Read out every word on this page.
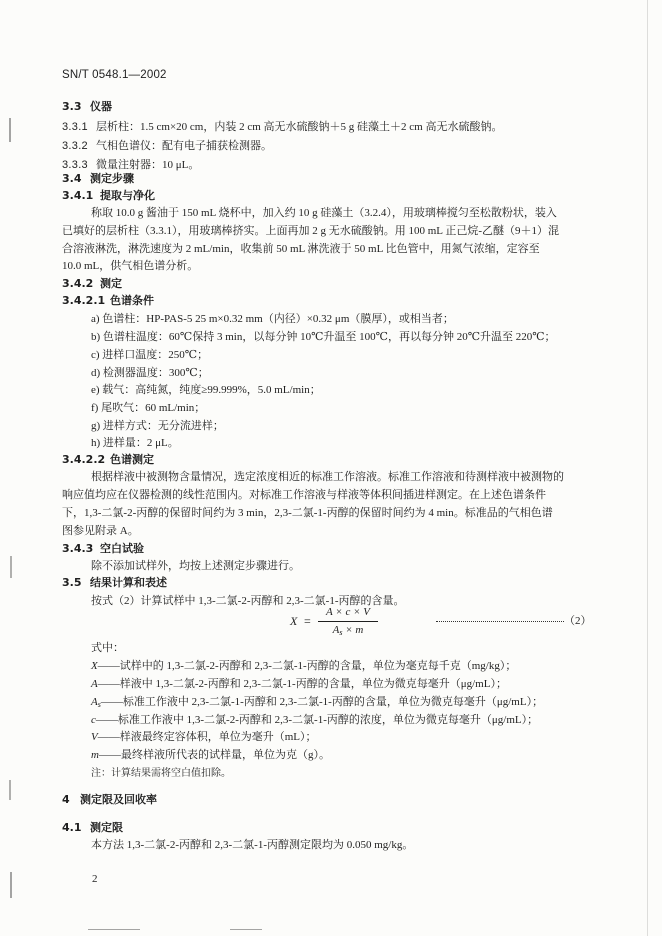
SN/T 0548.1—2002
3.3 仪器
3.3.1 层析柱：1.5 cm×20 cm，内装 2 cm 高无水硫酸钠＋5 g 硅藻土＋2 cm 高无水硫酸钠。
3.3.2 气相色谱仪：配有电子捕获检测器。
3.3.3 微量注射器：10 μL。
3.4 测定步骤
3.4.1 提取与净化
称取 10.0 g 酱油于 150 mL 烧杯中，加入约 10 g 硅藻土（3.2.4），用玻璃棒搅匀至松散粉状，装入
已填好的层析柱（3.3.1），用玻璃棒挤实。上面再加 2 g 无水硫酸钠。用 100 mL 正己烷-乙醚（9＋1）混
合溶液淋洗，淋洗速度为 2 mL/min，收集前 50 mL 淋洗液于 50 mL 比色管中，用氮气浓缩，定容至
10.0 mL，供气相色谱分析。
3.4.2 测定
3.4.2.1 色谱条件
a) 色谱柱：HP-PAS-5 25 m×0.32 mm（内径）×0.32 μm（膜厚），或相当者；
b) 色谱柱温度：60℃保持 3 min，以每分钟 10℃升温至 100℃，再以每分钟 20℃升温至 220℃；
c) 进样口温度：250℃；
d) 检测器温度：300℃；
e) 载气：高纯氮，纯度≥99.999%，5.0 mL/min；
f) 尾吹气：60 mL/min；
g) 进样方式：无分流进样；
h) 进样量：2 μL。
3.4.2.2 色谱测定
根据样液中被测物含量情况，选定浓度相近的标准工作溶液。标准工作溶液和待测样液中被测物的
响应值均应在仪器检测的线性范围内。对标准工作溶液与样液等体积间插进样测定。在上述色谱条件
下，1,3-二氯-2-丙醇的保留时间约为 3 min，2,3-二氯-1-丙醇的保留时间约为 4 min。标准品的气相色谱
图参见附录 A。
3.4.3 空白试验
除不添加试样外，均按上述测定步骤进行。
3.5 结果计算和表述
按式（2）计算试样中 1,3-二氯-2-丙醇和 2,3-二氯-1-丙醇的含量。
X =
A × c × V
$A_s \times m$
（2）
式中：
X——试样中的 1,3-二氯-2-丙醇和 2,3-二氯-1-丙醇的含量，单位为毫克每千克（mg/kg）；
A——样液中 1,3-二氯-2-丙醇和 2,3-二氯-1-丙醇的含量，单位为微克每毫升（μg/mL）；
$A_s——$标准工作液中 2,3-二氯-1-丙醇和 2,3-二氯-1-丙醇的含量，单位为微克每毫升（μg/mL）；
c——标准工作液中 1,3-二氯-2-丙醇和 2,3-二氯-1-丙醇的浓度，单位为微克每毫升（μg/mL）；
V——样液最终定容体积，单位为毫升（mL）；
m——最终样液所代表的试样量，单位为克（g）。
注：计算结果需将空白值扣除。
4 测定限及回收率
4.1 测定限
本方法 1,3-二氯-2-丙醇和 2,3-二氯-1-丙醇测定限均为 0.050 mg/kg。
2
